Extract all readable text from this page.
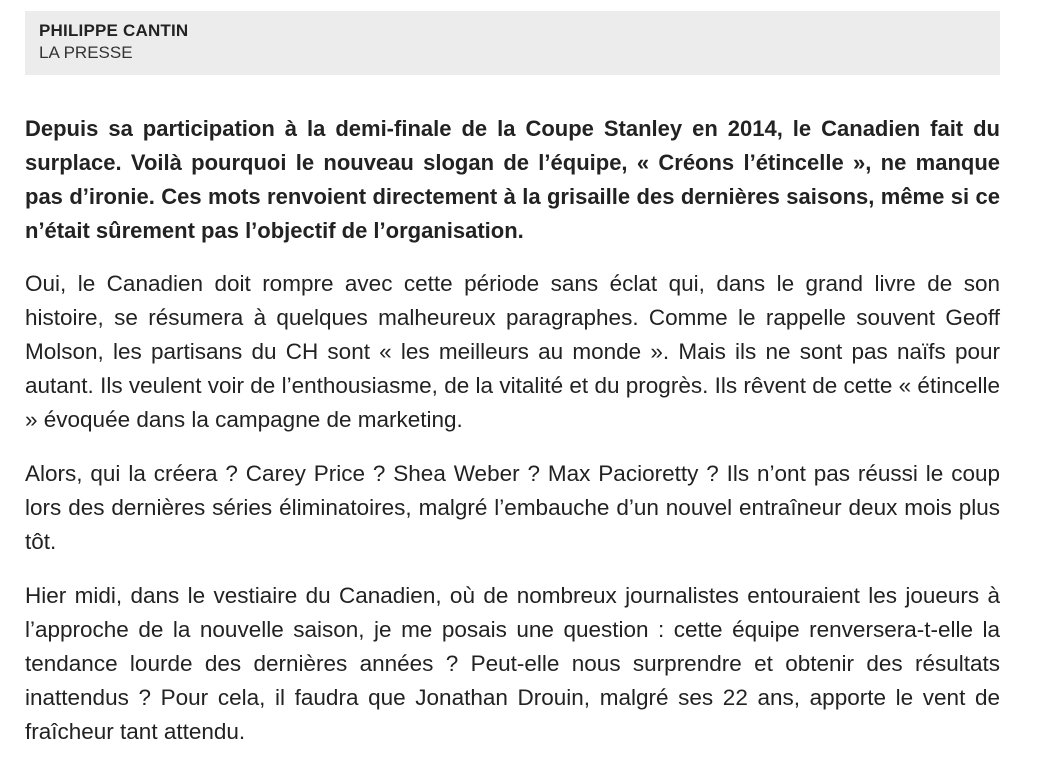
PHILIPPE CANTIN
LA PRESSE

Depuis sa participation à la demi-finale de la Coupe Stanley en 2014, le Canadien fait du surplace. Voilà pourquoi le nouveau slogan de l’équipe, « Créons l’étincelle », ne manque pas d’ironie. Ces mots renvoient directement à la grisaille des dernières saisons, même si ce n’était sûrement pas l’objectif de l’organisation.

Oui, le Canadien doit rompre avec cette période sans éclat qui, dans le grand livre de son histoire, se résumera à quelques malheureux paragraphes. Comme le rappelle souvent Geoff Molson, les partisans du CH sont « les meilleurs au monde ». Mais ils ne sont pas naïfs pour autant. Ils veulent voir de l’enthousiasme, de la vitalité et du progrès. Ils rêvent de cette « étincelle » évoquée dans la campagne de marketing.

Alors, qui la créera ? Carey Price ? Shea Weber ? Max Pacioretty ? Ils n’ont pas réussi le coup lors des dernières séries éliminatoires, malgré l’embauche d’un nouvel entraîneur deux mois plus tôt.

Hier midi, dans le vestiaire du Canadien, où de nombreux journalistes entouraient les joueurs à l’approche de la nouvelle saison, je me posais une question : cette équipe renversera-t-elle la tendance lourde des dernières années ? Peut-elle nous surprendre et obtenir des résultats inattendus ? Pour cela, il faudra que Jonathan Drouin, malgré ses 22 ans, apporte le vent de fraîcheur tant attendu.
